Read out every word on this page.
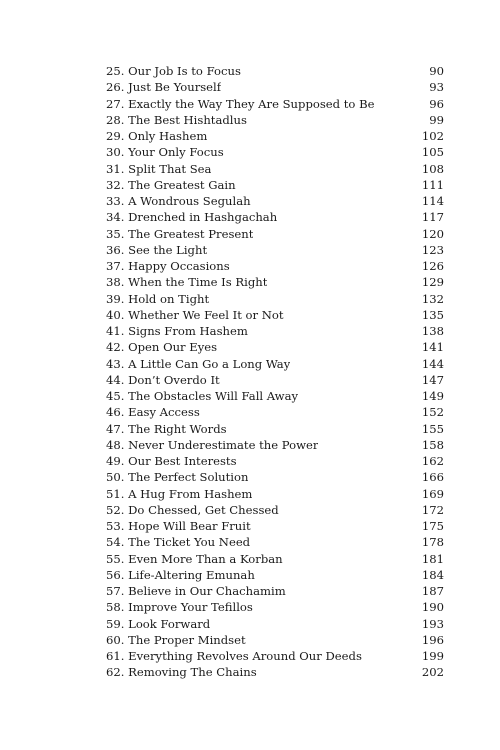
25. Our Job Is to Focus	90
26. Just Be Yourself	93
27. Exactly the Way They Are Supposed to Be	96
28. The Best Hishtadlus	99
29. Only Hashem	102
30. Your Only Focus	105
31. Split That Sea	108
32. The Greatest Gain	111
33. A Wondrous Segulah	114
34. Drenched in Hashgachah	117
35. The Greatest Present	120
36. See the Light	123
37. Happy Occasions	126
38. When the Time Is Right	129
39. Hold on Tight	132
40. Whether We Feel It or Not	135
41. Signs From Hashem	138
42. Open Our Eyes	141
43. A Little Can Go a Long Way	144
44. Don’t Overdo It	147
45. The Obstacles Will Fall Away	149
46. Easy Access	152
47. The Right Words	155
48. Never Underestimate the Power	158
49. Our Best Interests	162
50. The Perfect Solution	166
51. A Hug From Hashem	169
52. Do Chessed, Get Chessed	172
53. Hope Will Bear Fruit	175
54. The Ticket You Need	178
55. Even More Than a Korban	181
56. Life-Altering Emunah	184
57. Believe in Our Chachamim	187
58. Improve Your Tefillos	190
59. Look Forward	193
60. The Proper Mindset	196
61. Everything Revolves Around Our Deeds	199
62. Removing The Chains	202
